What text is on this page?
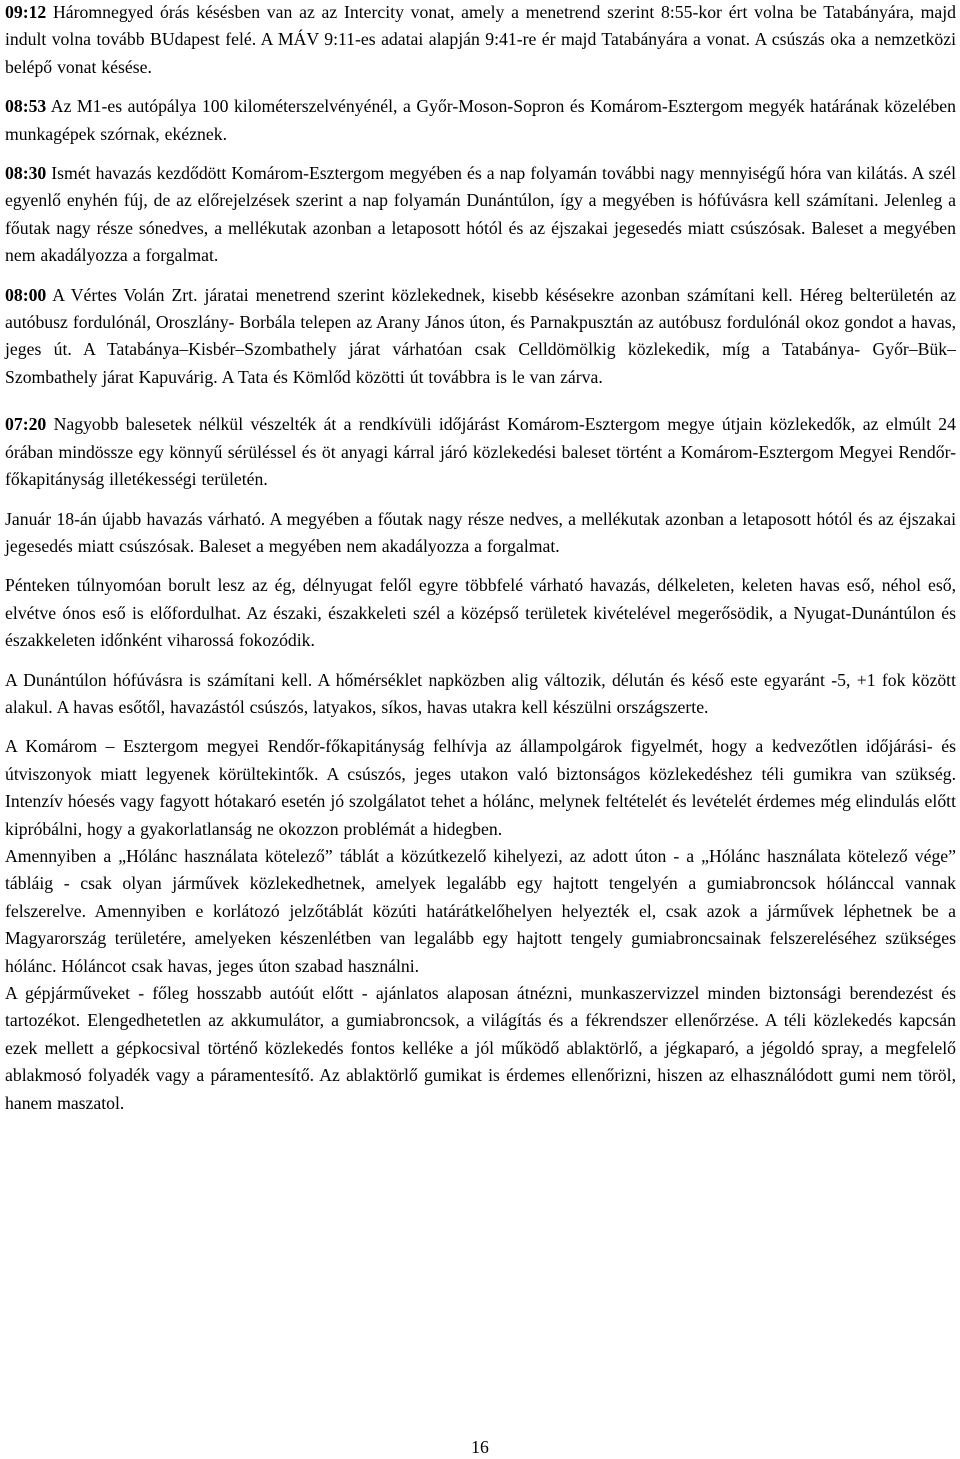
09:12 Háromnegyed órás késésben van az az Intercity vonat, amely a menetrend szerint 8:55-kor ért volna be Tatabányára, majd indult volna tovább BUdapest felé. A MÁV 9:11-es adatai alapján 9:41-re ér majd Tatabányára a vonat. A csúszás oka a nemzetközi belépő vonat késése.

08:53 Az M1-es autópálya 100 kilométerszelvényénél, a Győr-Moson-Sopron és Komárom-Esztergom megyék határának közelében munkagépek szórnak, ekéznek.

08:30 Ismét havazás kezdődött Komárom-Esztergom megyében és a nap folyamán további nagy mennyiségű hóra van kilátás. A szél egyenlő enyhén fúj, de az előrejelzések szerint a nap folyamán Dunántúlon, így a megyében is hófúvásra kell számítani. Jelenleg a főutak nagy része sónedves, a mellékutak azonban a letaposott hótól és az éjszakai jegesedés miatt csúszósak. Baleset a megyében nem akadályozza a forgalmat.

08:00 A Vértes Volán Zrt. járatai menetrend szerint közlekednek, kisebb késésekre azonban számítani kell. Héreg belterületén az autóbusz fordulónál, Oroszlány- Borbála telepen az Arany János úton, és Parnakpusztán az autóbusz fordulónál okoz gondot a havas, jeges út. A Tatabánya–Kisbér–Szombathely járat várhatóan csak Celldömölkig közlekedik, míg a Tatabánya- Győr–Bük–Szombathely járat Kapuvárig. A Tata és Kömlőd közötti út továbbra is le van zárva.

07:20 Nagyobb balesetek nélkül vészelték át a rendkívüli időjárást Komárom-Esztergom megye útjain közlekedők, az elmúlt 24 órában mindössze egy könnyű sérüléssel és öt anyagi kárral járó közlekedési baleset történt a Komárom-Esztergom Megyei Rendőr-főkapitányság illetékességi területén.

Január 18-án újabb havazás várható. A megyében a főutak nagy része nedves, a mellékutak azonban a letaposott hótól és az éjszakai jegesedés miatt csúszósak. Baleset a megyében nem akadályozza a forgalmat.

Pénteken túlnyomóan borult lesz az ég, délnyugat felől egyre többfelé várható havazás, délkeleten, keleten havas eső, néhol eső, elvétve ónos eső is előfordulhat. Az északi, északkeleti szél a középső területek kivételével megerősödik, a Nyugat-Dunántúlon és északkeleten időnként viharossá fokozódik.

A Dunántúlon hófúvásra is számítani kell. A hőmérséklet napközben alig változik, délután és késő este egyaránt -5, +1 fok között alakul. A havas esőtől, havazástól csúszós, latyakos, síkos, havas utakra kell készülni országszerte.

A Komárom – Esztergom megyei Rendőr-főkapitányság felhívja az állampolgárok figyelmét, hogy a kedvezőtlen időjárási- és útviszonyok miatt legyenek körültekintők. A csúszós, jeges utakon való biztonságos közlekedéshez téli gumikra van szükség. Intenzív hóesés vagy fagyott hótakaró esetén jó szolgálatot tehet a hólánc, melynek feltételét és levételét érdemes még elindulás előtt kipróbálni, hogy a gyakorlatlanság ne okozzon problémát a hidegben.

Amennyiben a „Hólánc használata kötelező” táblát a közútkezelő kihelyezi, az adott úton - a „Hólánc használata kötelező vége” tábláig - csak olyan járművek közlekedhetnek, amelyek legalább egy hajtott tengelyén a gumiabroncsok hólánccal vannak felszerelve. Amennyiben e korlátozó jelzőtáblát közúti határátkelőhelyen helyezték el, csak azok a járművek léphetnek be a Magyarország területére, amelyeken készenlétben van legalább egy hajtott tengely gumiabroncsainak felszereléséhez szükséges hólánc. Hóláncot csak havas, jeges úton szabad használni.

A gépjárműveket - főleg hosszabb autóút előtt - ajánlatos alaposan átnézni, munkaszervizzel minden biztonsági berendezést és tartozékot. Elengedhetetlen az akkumulátor, a gumiabroncsok, a világítás és a fékrendszer ellenőrzése. A téli közlekedés kapcsán ezek mellett a gépkocsival történő közlekedés fontos kelléke a jól működő ablaktörlő, a jégkaparó, a jégoldó spray, a megfelelő ablakmosó folyadék vagy a páramentesítő. Az ablaktörlő gumikat is érdemes ellenőrizni, hiszen az elhasználódott gumi nem töröl, hanem maszatol.

16
